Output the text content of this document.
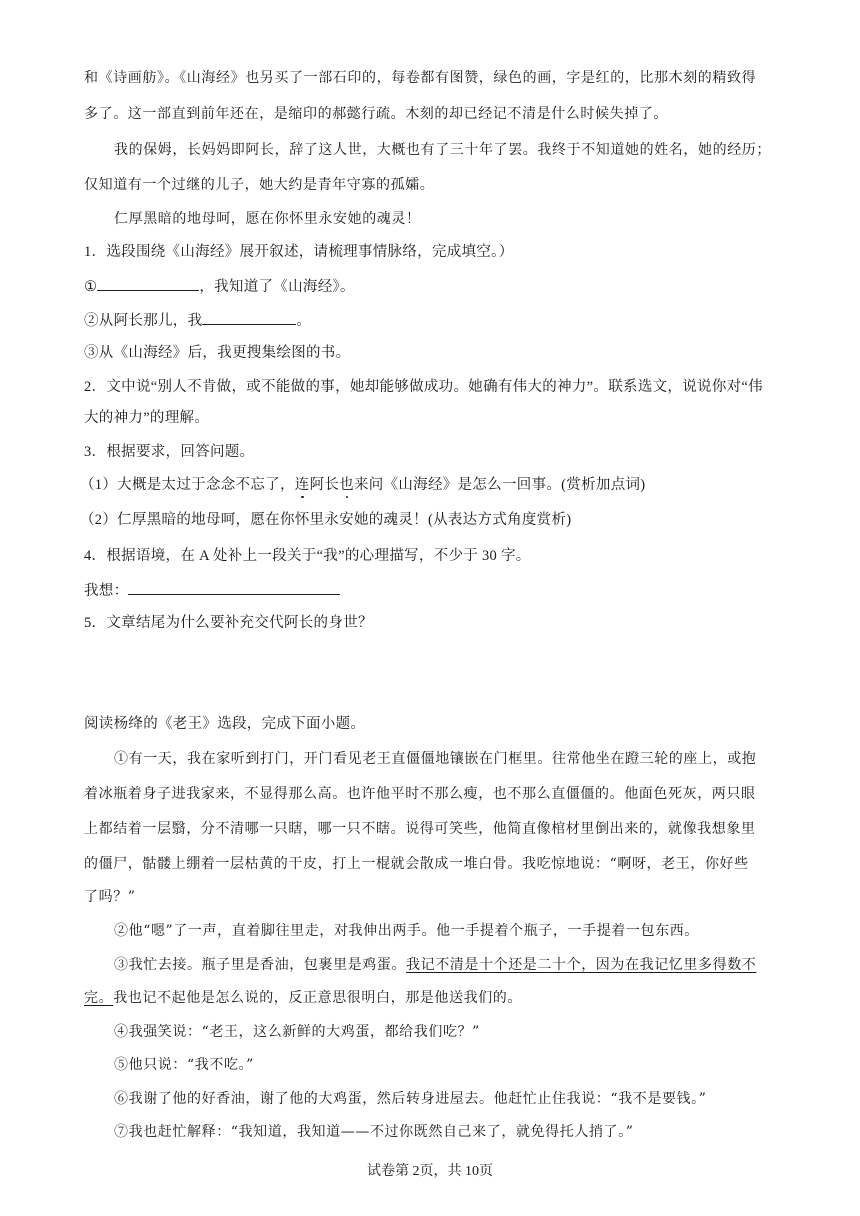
和《诗画舫》。《山海经》也另买了一部石印的，每卷都有图赞，绿色的画，字是红的，比那木刻的精致得
多了。这一部直到前年还在，是缩印的郝懿行疏。木刻的却已经记不清是什么时候失掉了。
我的保姆，长妈妈即阿长，辞了这人世，大概也有了三十年了罢。我终于不知道她的姓名，她的经历；
仅知道有一个过继的儿子，她大约是青年守寡的孤孀。
仁厚黑暗的地母呵，愿在你怀里永安她的魂灵！
1．选段围绕《山海经》展开叙述，请梳理事情脉络，完成填空。）
①	，我知道了《山海经》。
②从阿长那儿，我	。
③从《山海经》后，我更搜集绘图的书。
2．文中说“别人不肯做，或不能做的事，她却能够做成功。她确有伟大的神力”。联系选文，说说你对“伟
大的神力”的理解。
3．根据要求，回答问题。
（1）大概是太过于念念不忘了，连阿长也来问《山海经》是怎么一回事。(赏析加点词)
（2）仁厚黑暗的地母呵，愿在你怀里永安她的魂灵！(从表达方式角度赏析)
4．根据语境，在 A 处补上一段关于“我”的心理描写，不少于 30 字。
我想：
5．文章结尾为什么要补充交代阿长的身世？
阅读杨绛的《老王》选段，完成下面小题。
①有一天，我在家听到打门，开门看见老王直僵僵地镶嵌在门框里。往常他坐在蹬三轮的座上，或抱
着冰瓶着身子进我家来，不显得那么高。也许他平时不那么瘦，也不那么直僵僵的。他面色死灰，两只眼
上都结着一层翳，分不清哪一只瞎，哪一只不瞎。说得可笑些，他简直像棺材里倒出来的，就像我想象里
的僵尸，骷髅上绷着一层枯黄的干皮，打上一棍就会散成一堆白骨。我吃惊地说：“啊呀，老王，你好些
了吗？”
②他“嗯”了一声，直着脚往里走，对我伸出两手。他一手提着个瓶子，一手提着一包东西。
③我忙去接。瓶子里是香油，包裹里是鸡蛋。我记不清是十个还是二十个，因为在我记忆里多得数不
完。我也记不起他是怎么说的，反正意思很明白，那是他送我们的。
④我强笑说：“老王，这么新鲜的大鸡蛋，都给我们吃？”
⑤他只说：“我不吃。”
⑥我谢了他的好香油，谢了他的大鸡蛋，然后转身进屋去。他赶忙止住我说：“我不是要钱。”
⑦我也赶忙解释：“我知道，我知道——不过你既然自己来了，就免得托人捎了。”
试卷第 2页，共 10页
